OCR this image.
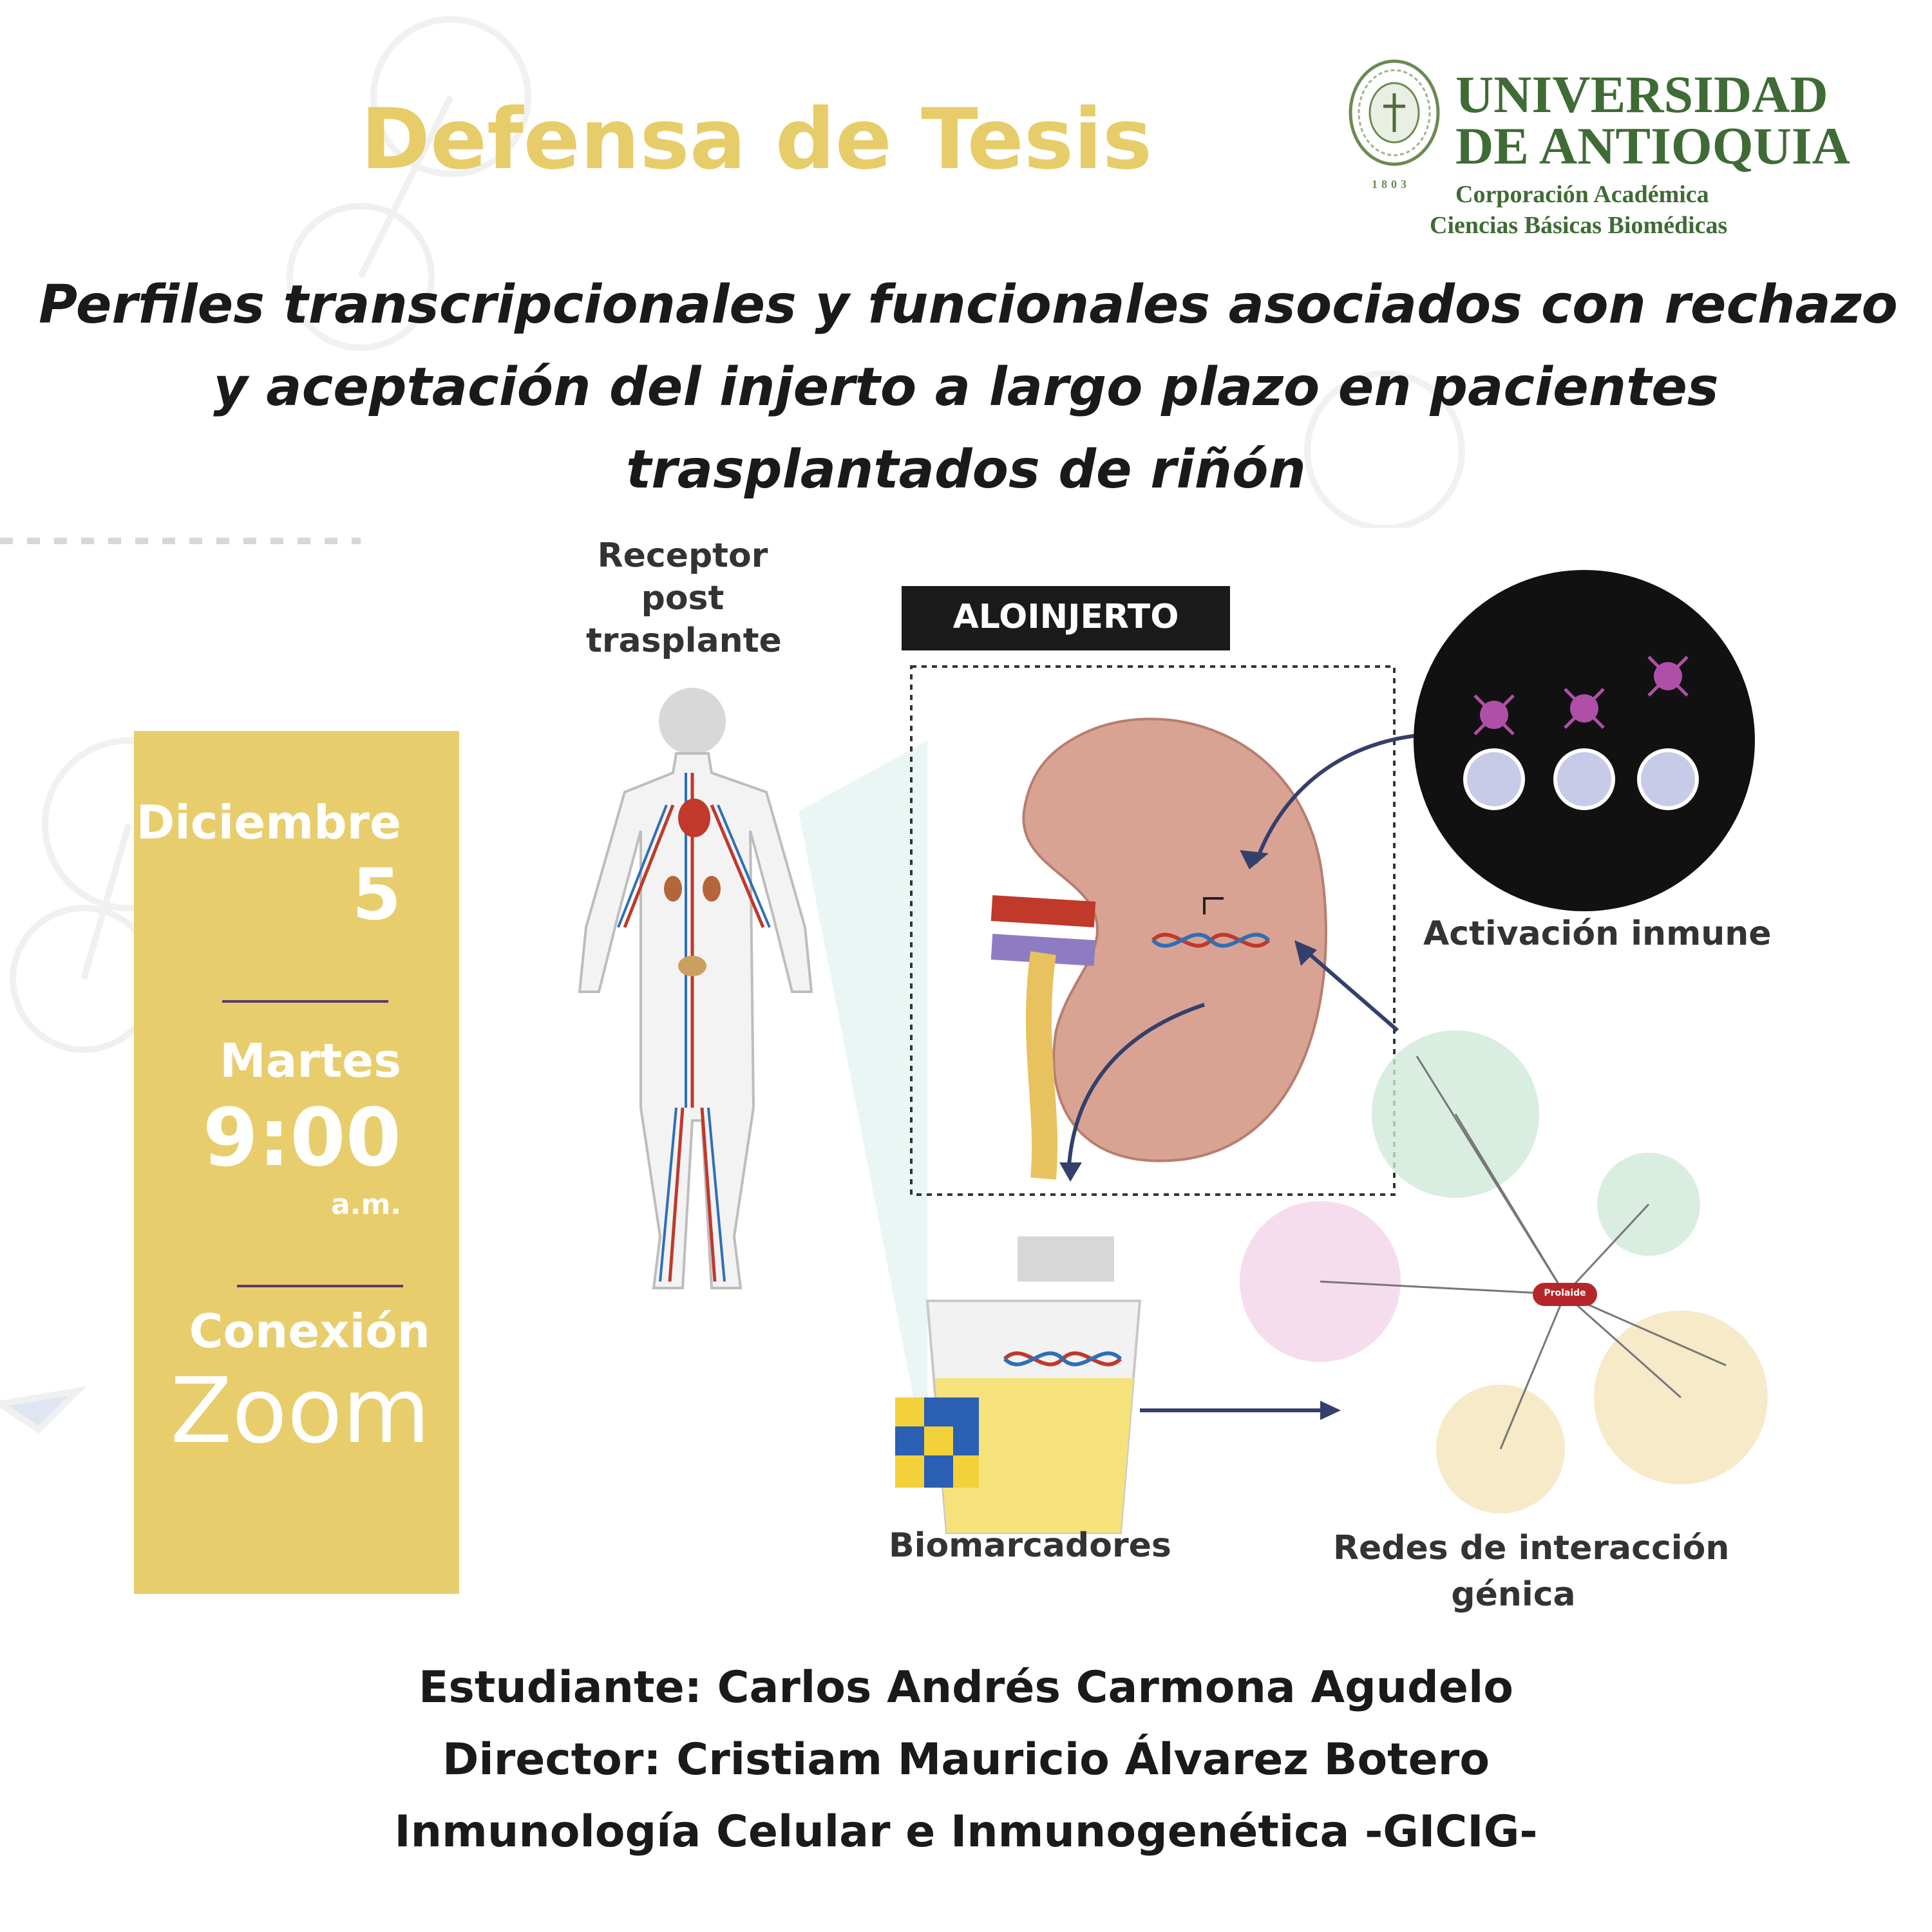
Defensa de Tesis	1803
UNIVERSIDAD
DE ANTIOQUIA
Corporación Académica
Ciencias Básicas Biomédicas
Perfiles transcripcionales y funcionales asociados con rechazo
y aceptación del injerto a largo plazo en pacientes
trasplantados de riñón
Receptor
post
trasplante
ALOINJERTO
Activación inmune
Biomarcadores	Redes de interacción
génica
Prolaide
Diciembre
5
Martes
9:00
a.m.
Conexión
Zoom
Estudiante: Carlos Andrés Carmona Agudelo
Director: Cristiam Mauricio Álvarez Botero
Inmunología Celular e Inmunogenética -GICIG-
